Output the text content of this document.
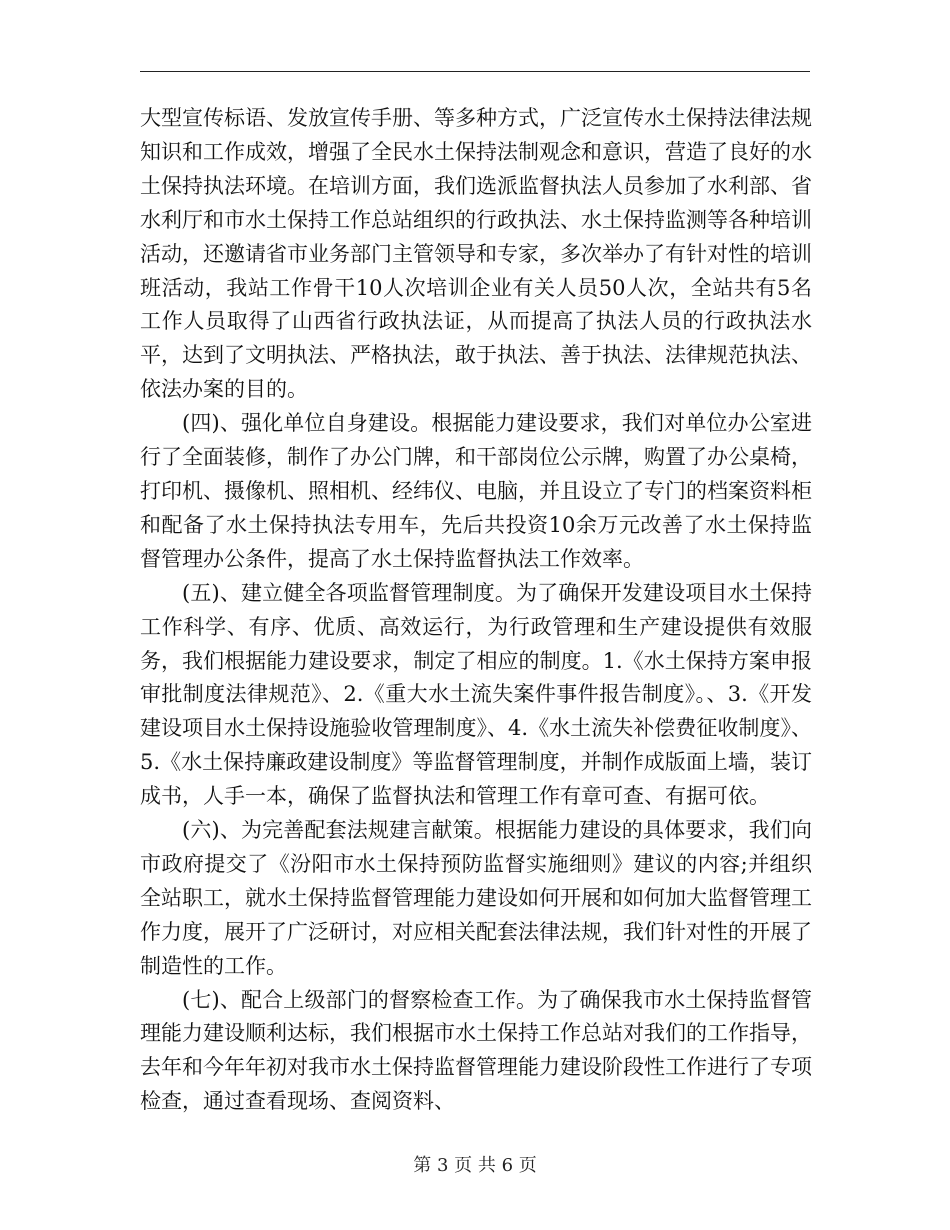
大型宣传标语、发放宣传手册、等多种方式，广泛宣传水土保持法律法规知识和工作成效，增强了全民水土保持法制观念和意识，营造了良好的水土保持执法环境。在培训方面，我们选派监督执法人员参加了水利部、省水利厅和市水土保持工作总站组织的行政执法、水土保持监测等各种培训活动，还邀请省市业务部门主管领导和专家，多次举办了有针对性的培训班活动，我站工作骨干10人次培训企业有关人员50人次，全站共有5名工作人员取得了山西省行政执法证，从而提高了执法人员的行政执法水平，达到了文明执法、严格执法，敢于执法、善于执法、法律规范执法、依法办案的目的。

(四)、强化单位自身建设。根据能力建设要求，我们对单位办公室进行了全面装修，制作了办公门牌，和干部岗位公示牌，购置了办公桌椅，打印机、摄像机、照相机、经纬仪、电脑，并且设立了专门的档案资料柜和配备了水土保持执法专用车，先后共投资10余万元改善了水土保持监督管理办公条件，提高了水土保持监督执法工作效率。

(五)、建立健全各项监督管理制度。为了确保开发建设项目水土保持工作科学、有序、优质、高效运行，为行政管理和生产建设提供有效服务，我们根据能力建设要求，制定了相应的制度。1.《水土保持方案申报审批制度法律规范》、2.《重大水土流失案件事件报告制度》。、3.《开发建设项目水土保持设施验收管理制度》、4.《水土流失补偿费征收制度》、5.《水土保持廉政建设制度》等监督管理制度，并制作成版面上墙，装订成书，人手一本，确保了监督执法和管理工作有章可查、有据可依。

(六)、为完善配套法规建言献策。根据能力建设的具体要求，我们向市政府提交了《汾阳市水土保持预防监督实施细则》建议的内容;并组织全站职工，就水土保持监督管理能力建设如何开展和如何加大监督管理工作力度，展开了广泛研讨，对应相关配套法律法规，我们针对性的开展了制造性的工作。

(七)、配合上级部门的督察检查工作。为了确保我市水土保持监督管理能力建设顺利达标，我们根据市水土保持工作总站对我们的工作指导，去年和今年年初对我市水土保持监督管理能力建设阶段性工作进行了专项检查，通过查看现场、查阅资料、

第 3 页 共 6 页
